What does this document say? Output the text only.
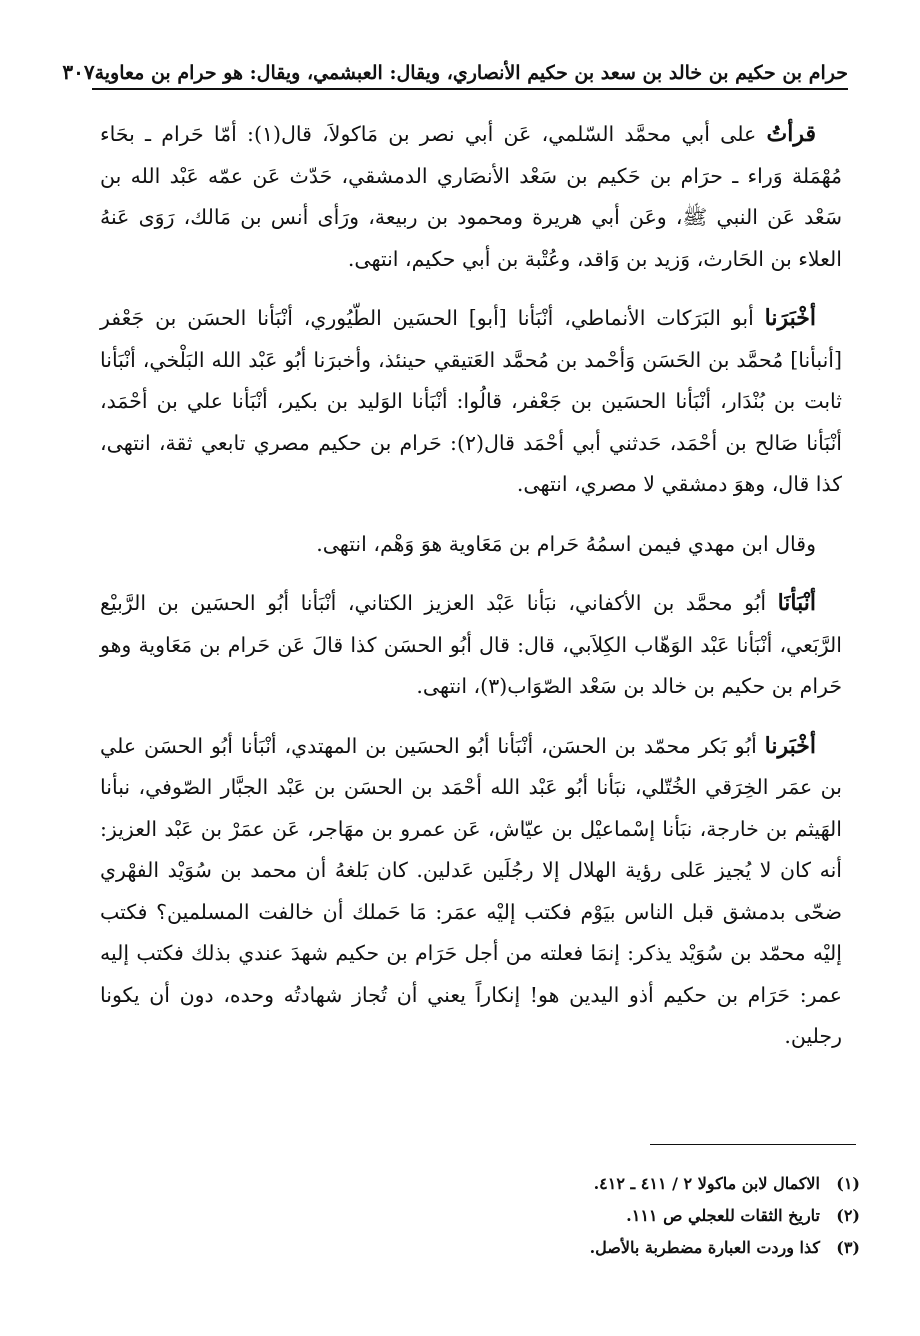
حرام بن حكيم بن خالد بن سعد بن حكيم الأنصاري، ويقال: العبشمي، ويقال: هو حرام بن معاوية
٣٠٧

قرأتُ على أبي محمَّد السّلمي، عَن أبي نصر بن مَاكولاَ، قال(١): أمّا حَرام ـ بحَاء مُهْمَلة وَراء ـ حرَام بن حَكيم بن سَعْد الأنصَاري الدمشقي، حَدّث عَن عمّه عَبْد الله بن سَعْد عَن النبي ﷺ، وعَن أبي هريرة ومحمود بن ربيعة، ورَأى أنس بن مَالك، رَوَى عَنهُ العلاء بن الحَارث، وَزيد بن وَاقد، وعُتْبة بن أبي حكيم، انتهى.

أخْبَرَنا أبو البَرَكات الأنماطي، أنْبَأنا [أبو] الحسَين الطّيُوري، أنْبَأنا الحسَن بن جَعْفر [أنبأنا] مُحمَّد بن الحَسَن وَأحْمد بن مُحمَّد العَتيقي حينئذ، وأخبرَنا أبُو عَبْد الله البَلْخي، أنْبَأنا ثابت بن بُنْدَار، أنْبَأنا الحسَين بن جَعْفر، قالُوا: أنْبَأنا الوَليد بن بكير، أنْبَأنا علي بن أحْمَد، أنْبَأنا صَالح بن أحْمَد، حَدثني أبي أحْمَد قال(٢): حَرام بن حكيم مصري تابعي ثقة، انتهى، كذا قال، وهوَ دمشقي لا مصري، انتهى.

وقال ابن مهدي فيمن اسمُهُ حَرام بن مَعَاوية هوَ وَهْم، انتهى.

أنْبَأنَا أبُو محمَّد بن الأكفاني، نبَأنا عَبْد العزيز الكتاني، أنْبَأنا أبُو الحسَين بن الرَّبيْع الرَّبَعي، أنْبَأنا عَبْد الوَهّاب الكِلاَبي، قال: قال أبُو الحسَن كذا قالَ عَن حَرام بن مَعَاوية وهو حَرام بن حكيم بن خالد بن سَعْد الصّوَاب(٣)، انتهى.

أخْبَرنا أبُو بَكر محمّد بن الحسَن، أنْبَأنا أبُو الحسَين بن المهتدي، أنْبَأنا أبُو الحسَن علي بن عمَر الخِرَقي الخُتّلي، نبَأنا أبُو عَبْد الله أحْمَد بن الحسَن بن عَبْد الجبَّار الصّوفي، نبأنا الهَيثم بن خارجة، نبَأنا إسْماعيْل بن عيّاش، عَن عمرو بن مهَاجر، عَن عمَرْ بن عَبْد العزيز: أنه كان لا يُجيز عَلى رؤية الهلال إلا رجُلَين عَدلين. كان بَلغهُ أن محمد بن سُوَيْد الفهْري ضحّى بدمشق قبل الناس بيَوْم فكتب إليْه عمَر: مَا حَملك أن خالفت المسلمين؟ فكتب إليْه محمّد بن سُوَيْد يذكر: إنمَا فعلته من أجل حَرَام بن حكيم شهدَ عندي بذلك فكتب إليه عمر: حَرَام بن حكيم أذو اليدين هو! إنكاراً يعني أن تُجاز شهادتُه وحده، دون أن يكونا رجلين.

(١)الاكمال لابن ماكولا ٢ / ٤١١ ـ ٤١٢.
(٢)تاريخ الثقات للعجلي ص ١١١.
(٣)كذا وردت العبارة مضطربة بالأصل.
